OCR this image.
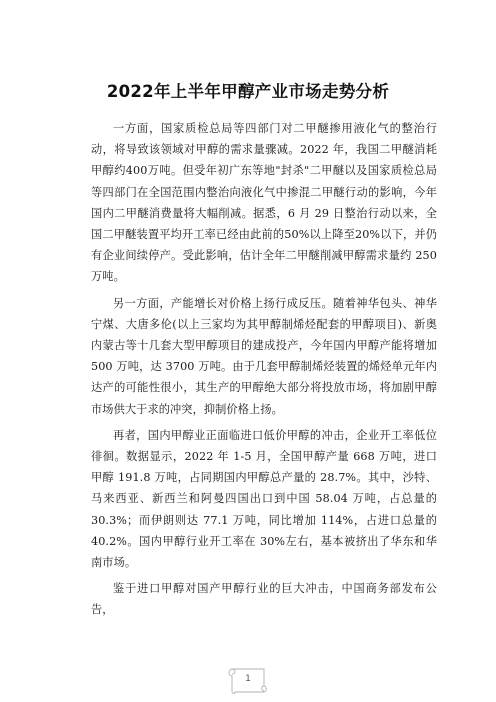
2022年上半年甲醇产业市场走势分析

一方面，国家质检总局等四部门对二甲醚掺用液化气的整治行动，将导致该领域对甲醇的需求量骤减。2022 年，我国二甲醚消耗甲醇约400万吨。但受年初广东等地"封杀"二甲醚以及国家质检总局等四部门在全国范围内整治向液化气中掺混二甲醚行动的影响，今年国内二甲醚消费量将大幅削减。据悉，6 月 29 日整治行动以来，全国二甲醚装置平均开工率已经由此前的50%以上降至20%以下，并仍有企业间续停产。受此影响，估计全年二甲醚削减甲醇需求量约 250 万吨。

另一方面，产能增长对价格上扬行成反压。随着神华包头、神华宁煤、大唐多伦(以上三家均为其甲醇制烯烃配套的甲醇项目)、新奥内蒙古等十几套大型甲醇项目的建成投产，今年国内甲醇产能将增加 500 万吨，达 3700 万吨。由于几套甲醇制烯烃装置的烯烃单元年内达产的可能性很小，其生产的甲醇绝大部分将投放市场，将加剧甲醇市场供大于求的冲突，抑制价格上扬。

再者，国内甲醇业正面临进口低价甲醇的冲击，企业开工率低位徘徊。数据显示，2022 年 1-5 月，全国甲醇产量 668 万吨，进口甲醇 191.8 万吨，占同期国内甲醇总产量的 28.7%。其中，沙特、马来西亚、新西兰和阿曼四国出口到中国 58.04 万吨，占总量的 30.3%；而伊朗则达 77.1 万吨，同比增加 114%，占进口总量的 40.2%。国内甲醇行业开工率在 30%左右，基本被挤出了华东和华南市场。

鉴于进口甲醇对国产甲醇行业的巨大冲击，中国商务部发布公告，

1
